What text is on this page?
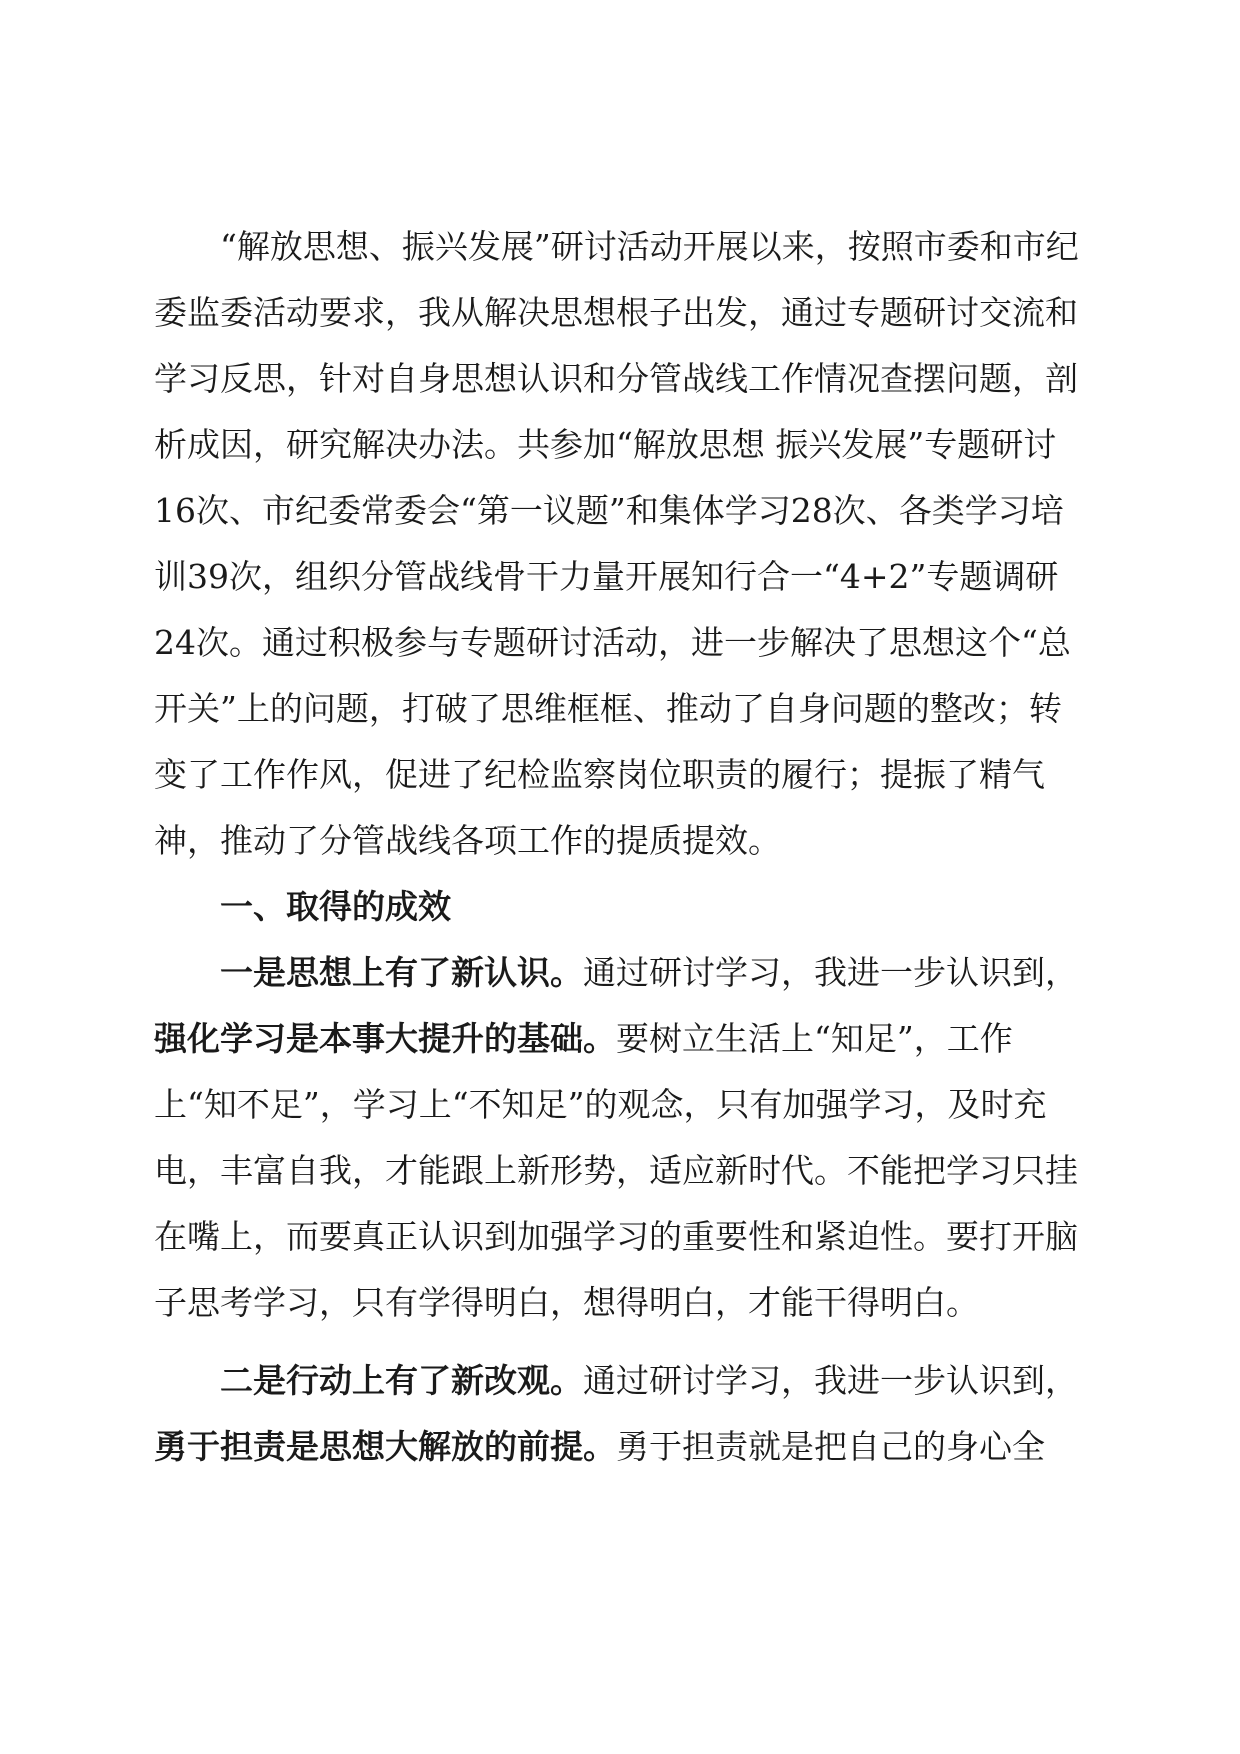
“解放思想、振兴发展”研讨活动开展以来，按照市委和市纪委监委活动要求，我从解决思想根子出发，通过专题研讨交流和学习反思，针对自身思想认识和分管战线工作情况查摆问题，剖析成因，研究解决办法。共参加“解放思想 振兴发展”专题研讨16次、市纪委常委会“第一议题”和集体学习28次、各类学习培训39次，组织分管战线骨干力量开展知行合一“4+2”专题调研24次。通过积极参与专题研讨活动，进一步解决了思想这个“总开关”上的问题，打破了思维框框、推动了自身问题的整改；转变了工作作风，促进了纪检监察岗位职责的履行；提振了精气神，推动了分管战线各项工作的提质提效。

一、取得的成效

一是思想上有了新认识。通过研讨学习，我进一步认识到，强化学习是本事大提升的基础。要树立生活上“知足”，工作上“知不足”，学习上“不知足”的观念，只有加强学习，及时充电，丰富自我，才能跟上新形势，适应新时代。不能把学习只挂在嘴上，而要真正认识到加强学习的重要性和紧迫性。要打开脑子思考学习，只有学得明白，想得明白，才能干得明白。

二是行动上有了新改观。通过研讨学习，我进一步认识到，勇于担责是思想大解放的前提。勇于担责就是把自己的身心全
